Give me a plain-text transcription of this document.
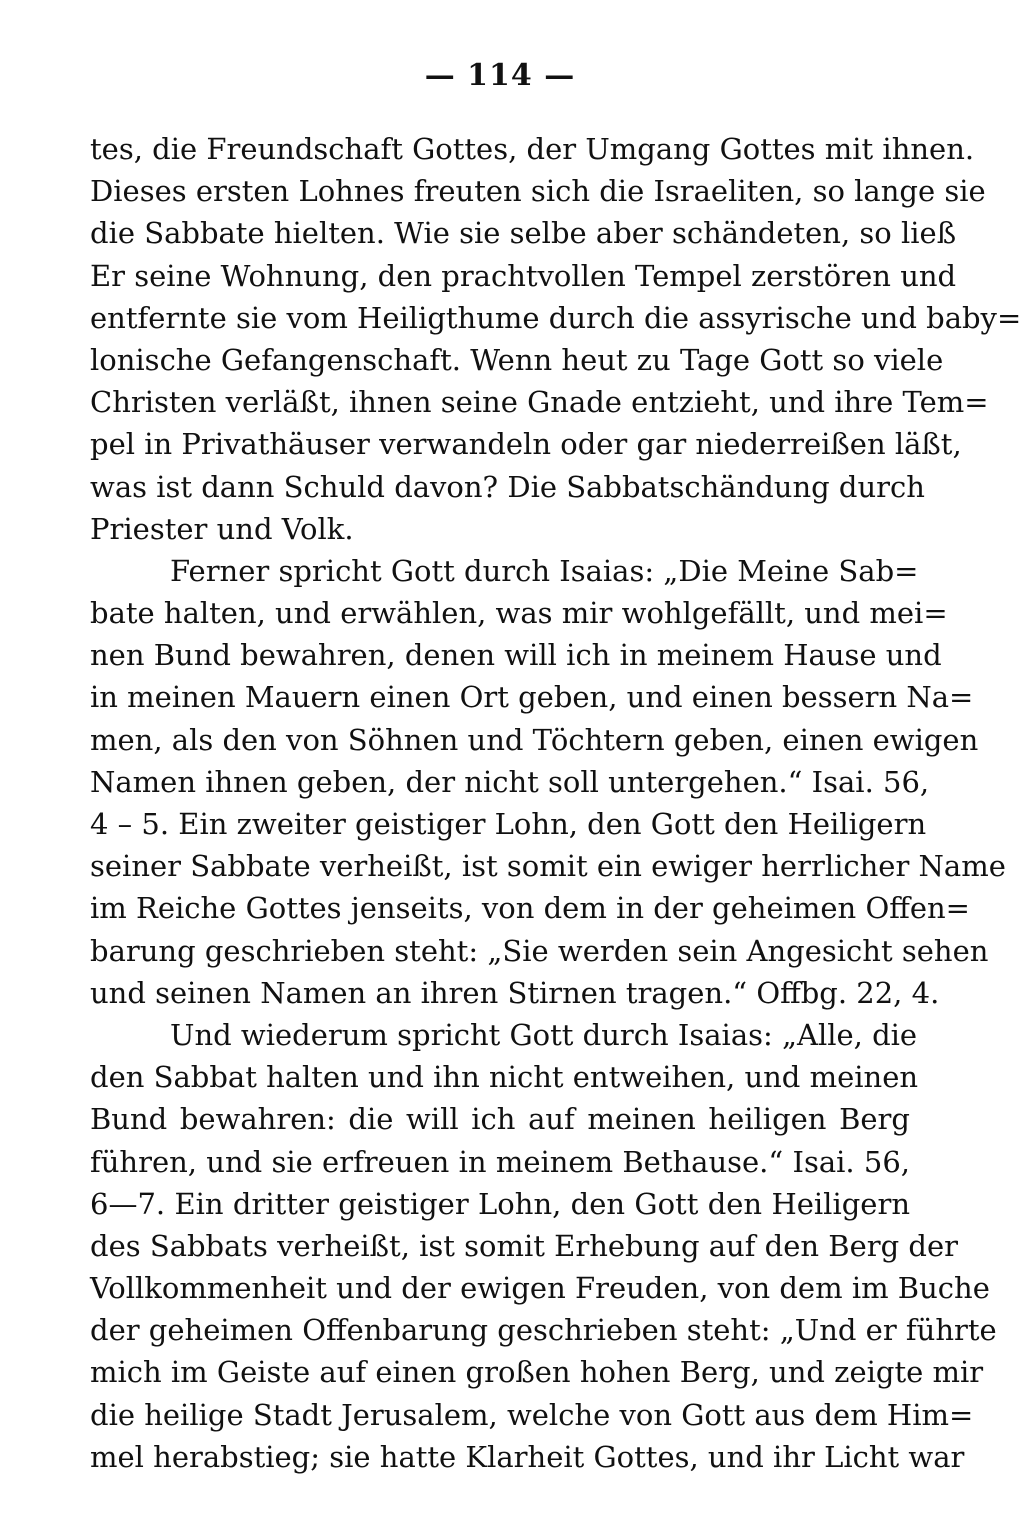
— 114 —
tes, die Freundschaft Gottes, der Umgang Gottes mit ihnen.
Dieses ersten Lohnes freuten sich die Israeliten, so lange sie
die Sabbate hielten. Wie sie selbe aber schändeten, so ließ
Er seine Wohnung, den prachtvollen Tempel zerstören und
entfernte sie vom Heiligthume durch die assyrische und baby=
lonische Gefangenschaft. Wenn heut zu Tage Gott so viele
Christen verläßt, ihnen seine Gnade entzieht, und ihre Tem=
pel in Privathäuser verwandeln oder gar niederreißen läßt,
was ist dann Schuld davon? Die Sabbatschändung durch
Priester und Volk.
Ferner spricht Gott durch Isaias: „Die Meine Sab=
bate halten, und erwählen, was mir wohlgefällt, und mei=
nen Bund bewahren, denen will ich in meinem Hause und
in meinen Mauern einen Ort geben, und einen bessern Na=
men, als den von Söhnen und Töchtern geben, einen ewigen
Namen ihnen geben, der nicht soll untergehen.“ Isai. 56,
4 – 5. Ein zweiter geistiger Lohn, den Gott den Heiligern
seiner Sabbate verheißt, ist somit ein ewiger herrlicher Name
im Reiche Gottes jenseits, von dem in der geheimen Offen=
barung geschrieben steht: „Sie werden sein Angesicht sehen
und seinen Namen an ihren Stirnen tragen.“ Offbg. 22, 4.
Und wiederum spricht Gott durch Isaias: „Alle, die
den Sabbat halten und ihn nicht entweihen, und meinen
Bund bewahren: die will ich auf meinen heiligen Berg
führen, und sie erfreuen in meinem Bethause.“ Isai. 56,
6—7. Ein dritter geistiger Lohn, den Gott den Heiligern
des Sabbats verheißt, ist somit Erhebung auf den Berg der
Vollkommenheit und der ewigen Freuden, von dem im Buche
der geheimen Offenbarung geschrieben steht: „Und er führte
mich im Geiste auf einen großen hohen Berg, und zeigte mir
die heilige Stadt Jerusalem, welche von Gott aus dem Him=
mel herabstieg; sie hatte Klarheit Gottes, und ihr Licht war
